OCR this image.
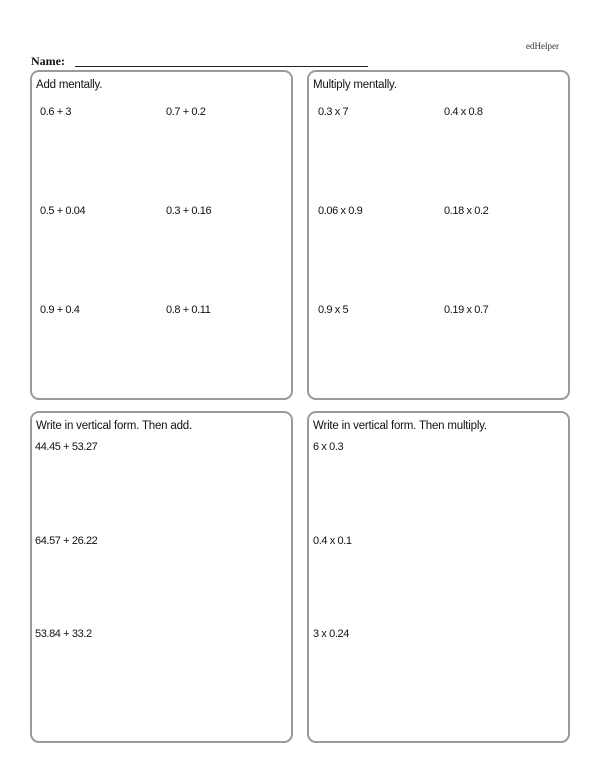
edHelper
Name:
Add mentally.
0.6 + 3	0.7 + 0.2
0.5 + 0.04	0.3 + 0.16
0.9 + 0.4	0.8 + 0.11
Multiply mentally.
0.3 x 7	0.4 x 0.8
0.06 x 0.9	0.18 x 0.2
0.9 x 5	0.19 x 0.7
Write in vertical form. Then add.
44.45 + 53.27
64.57 + 26.22
53.84 + 33.2
Write in vertical form. Then multiply.
6 x 0.3
0.4 x 0.1
3 x 0.24
